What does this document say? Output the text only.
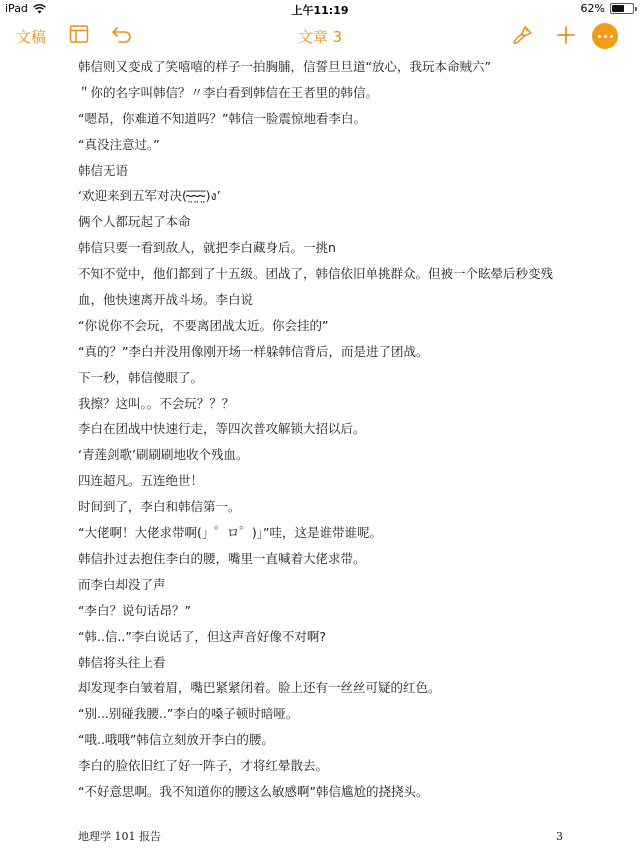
iPad	上午11:19	62%
文稿	文章 3
韩信则又变成了笑嘻嘻的样子一拍胸脯，信誓旦旦道“放心，我玩本命贼六”
＂你的名字叫韩信？〃李白看到韩信在王者里的韩信。
“嗯昂，你难道不知道吗？”韩信一脸震惊地看李白。
“真没注意过。”
韩信无语
‘欢迎来到五军对决(‾̴̴̤‾̴̴̤‾̴̴̤)ง’
俩个人都玩起了本命
韩信只要一看到敌人，就把李白藏身后。一挑n
不知不觉中，他们都到了十五级。团战了，韩信依旧单挑群众。但被一个眩晕后秒变残血，他快速离开战斗场。李白说
“你说你不会玩，不要离团战太近。你会挂的”
“真的？”李白并没用像刚开场一样躲韩信背后，而是进了团战。
下一秒，韩信傻眼了。
我擦？这叫。。不会玩？？？
李白在团战中快速行走，等四次普攻解锁大招以后。
‘青莲剑歌’刷刷刷地收个残血。
四连超凡。五连绝世！
时间到了，李白和韩信第一。
“大佬啊！大佬求带啊(」゜ロ゜)」”哇，这是谁带谁呢。
韩信扑过去抱住李白的腰，嘴里一直喊着大佬求带。
而李白却没了声
“李白？说句话昂？”
“韩..信..”李白说话了，但这声音好像不对啊?
韩信将头往上看
却发现李白皱着眉，嘴巴紧紧闭着。脸上还有一丝丝可疑的红色。
“别...别碰我腰..”李白的嗓子顿时暗哑。
“哦..哦哦”韩信立刻放开李白的腰。
李白的脸依旧红了好一阵子，才将红晕散去。
“不好意思啊。我不知道你的腰这么敏感啊”韩信尴尬的挠挠头。
地理学 101 报告	3
